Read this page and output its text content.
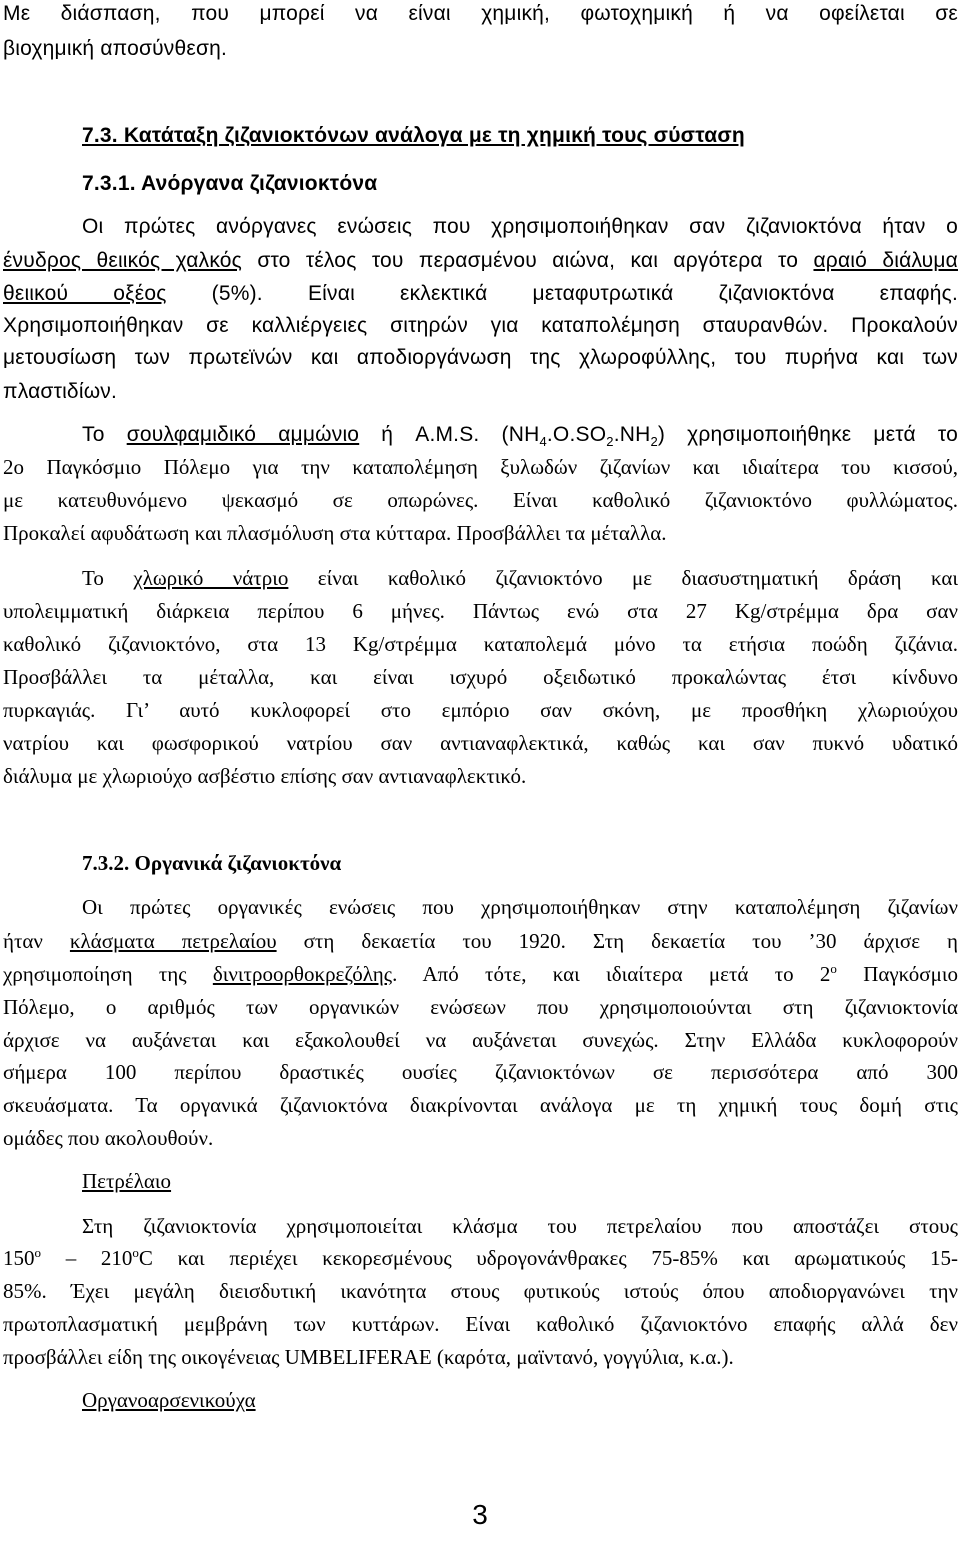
Με διάσπαση, που μπορεί να είναι χημική, φωτοχημική ή να οφείλεται σε
βιοχημική αποσύνθεση.
7.3. Κατάταξη ζιζανιοκτόνων ανάλογα με τη χημική τους σύσταση
7.3.1. Ανόργανα ζιζανιοκτόνα
Οι πρώτες ανόργανες ενώσεις που χρησιμοποιήθηκαν σαν ζιζανιοκτόνα ήταν ο
ένυδρος θειικός χαλκός στο τέλος του περασμένου αιώνα, και αργότερα το αραιό διάλυμα
θειικού οξέος (5%). Είναι εκλεκτικά μεταφυτρωτικά ζιζανιοκτόνα επαφής.
Χρησιμοποιήθηκαν σε καλλιέργειες σιτηρών για καταπολέμηση σταυρανθών. Προκαλούν
μετουσίωση των πρωτεϊνών και αποδιοργάνωση της χλωροφύλλης, του πυρήνα και των
πλαστιδίων.
Το σουλφαμιδικό αμμώνιο ή A.M.S. $(NH_4.O.SO_2.NH_2)$ χρησιμοποιήθηκε μετά το
2ο Παγκόσμιο Πόλεμο για την καταπολέμηση ξυλωδών ζιζανίων και ιδιαίτερα του κισσού,
με κατευθυνόμενο ψεκασμό σε οπωρώνες. Είναι καθολικό ζιζανιοκτόνο φυλλώματος.
Προκαλεί αφυδάτωση και πλασμόλυση στα κύτταρα. Προσβάλλει τα μέταλλα.
Το χλωρικό νάτριο είναι καθολικό ζιζανιοκτόνο με διασυστηματική δράση και
υπολειμματική διάρκεια περίπου 6 μήνες. Πάντως ενώ στα 27 Kg/στρέμμα δρα σαν
καθολικό ζιζανιοκτόνο, στα 13 Kg/στρέμμα καταπολεμά μόνο τα ετήσια ποώδη ζιζάνια.
Προσβάλλει τα μέταλλα, και είναι ισχυρό οξειδωτικό προκαλώντας έτσι κίνδυνο
πυρκαγιάς. Γι’ αυτό κυκλοφορεί στο εμπόριο σαν σκόνη, με προσθήκη χλωριούχου
νατρίου και φωσφορικού νατρίου σαν αντιαναφλεκτικά, καθώς και σαν πυκνό υδατικό
διάλυμα με χλωριούχο ασβέστιο επίσης σαν αντιαναφλεκτικό.
7.3.2. Οργανικά ζιζανιοκτόνα
Οι πρώτες οργανικές ενώσεις που χρησιμοποιήθηκαν στην καταπολέμηση ζιζανίων
ήταν κλάσματα πετρελαίου στη δεκαετία του 1920. Στη δεκαετία του ’30 άρχισε η
χρησιμοποίηση της δινιτροορθοκρεζόλης. Από τότε, και ιδιαίτερα μετά το $2^o$ Παγκόσμιο
Πόλεμο, ο αριθμός των οργανικών ενώσεων που χρησιμοποιούνται στη ζιζανιοκτονία
άρχισε να αυξάνεται και εξακολουθεί να αυξάνεται συνεχώς. Στην Ελλάδα κυκλοφορούν
σήμερα 100 περίπου δραστικές ουσίες ζιζανιοκτόνων σε περισσότερα από 300
σκευάσματα. Τα οργανικά ζιζανιοκτόνα διακρίνονται ανάλογα με τη χημική τους δομή στις
ομάδες που ακολουθούν.
Πετρέλαιο
Στη ζιζανιοκτονία χρησιμοποιείται κλάσμα του πετρελαίου που αποστάζει στους
$150^o - 210^oC$ και περιέχει κεκορεσμένους υδρογονάνθρακες 75-85% και αρωματικούς 15-
85%. Έχει μεγάλη διεισδυτική ικανότητα στους φυτικούς ιστούς όπου αποδιοργανώνει την
πρωτοπλασματική μεμβράνη των κυττάρων. Είναι καθολικό ζιζανιοκτόνο επαφής αλλά δεν
προσβάλλει είδη της οικογένειας UMBELIFERAE (καρότα, μαϊντανό, γογγύλια, κ.α.).
Οργανοαρσενικούχα
3
